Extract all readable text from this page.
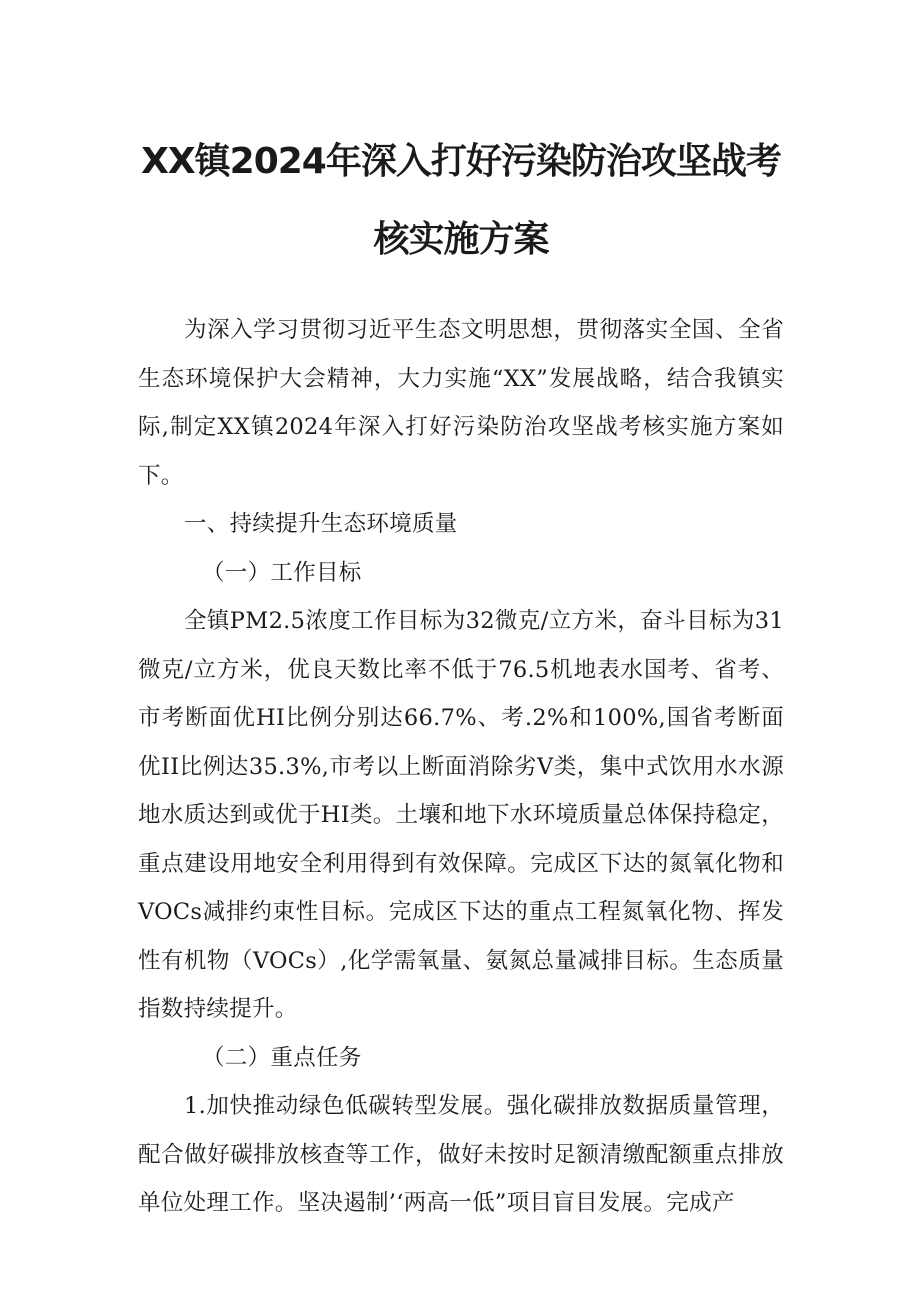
XX镇2024年深入打好污染防治攻坚战考
核实施方案

为深入学习贯彻习近平生态文明思想，贯彻落实全国、全省生态环境保护大会精神，大力实施“XX”发展战略，结合我镇实际,制定XX镇2024年深入打好污染防治攻坚战考核实施方案如下。

一、持续提升生态环境质量

（一）工作目标

全镇PM2.5浓度工作目标为32微克/立方米，奋斗目标为31微克/立方米，优良天数比率不低于76.5机地表水国考、省考、市考断面优HI比例分别达66.7%、考.2%和100%,国省考断面优II比例达35.3%,市考以上断面消除劣V类，集中式饮用水水源地水质达到或优于HI类。土壤和地下水环境质量总体保持稳定，重点建设用地安全利用得到有效保障。完成区下达的氮氧化物和VOCs减排约束性目标。完成区下达的重点工程氮氧化物、挥发性有机物（VOCs）,化学需氧量、氨氮总量减排目标。生态质量指数持续提升。

（二）重点任务

1.加快推动绿色低碳转型发展。强化碳排放数据质量管理，配合做好碳排放核查等工作，做好未按时足额清缴配额重点排放单位处理工作。坚决遏制’‘两高一低”项目盲目发展。完成产
